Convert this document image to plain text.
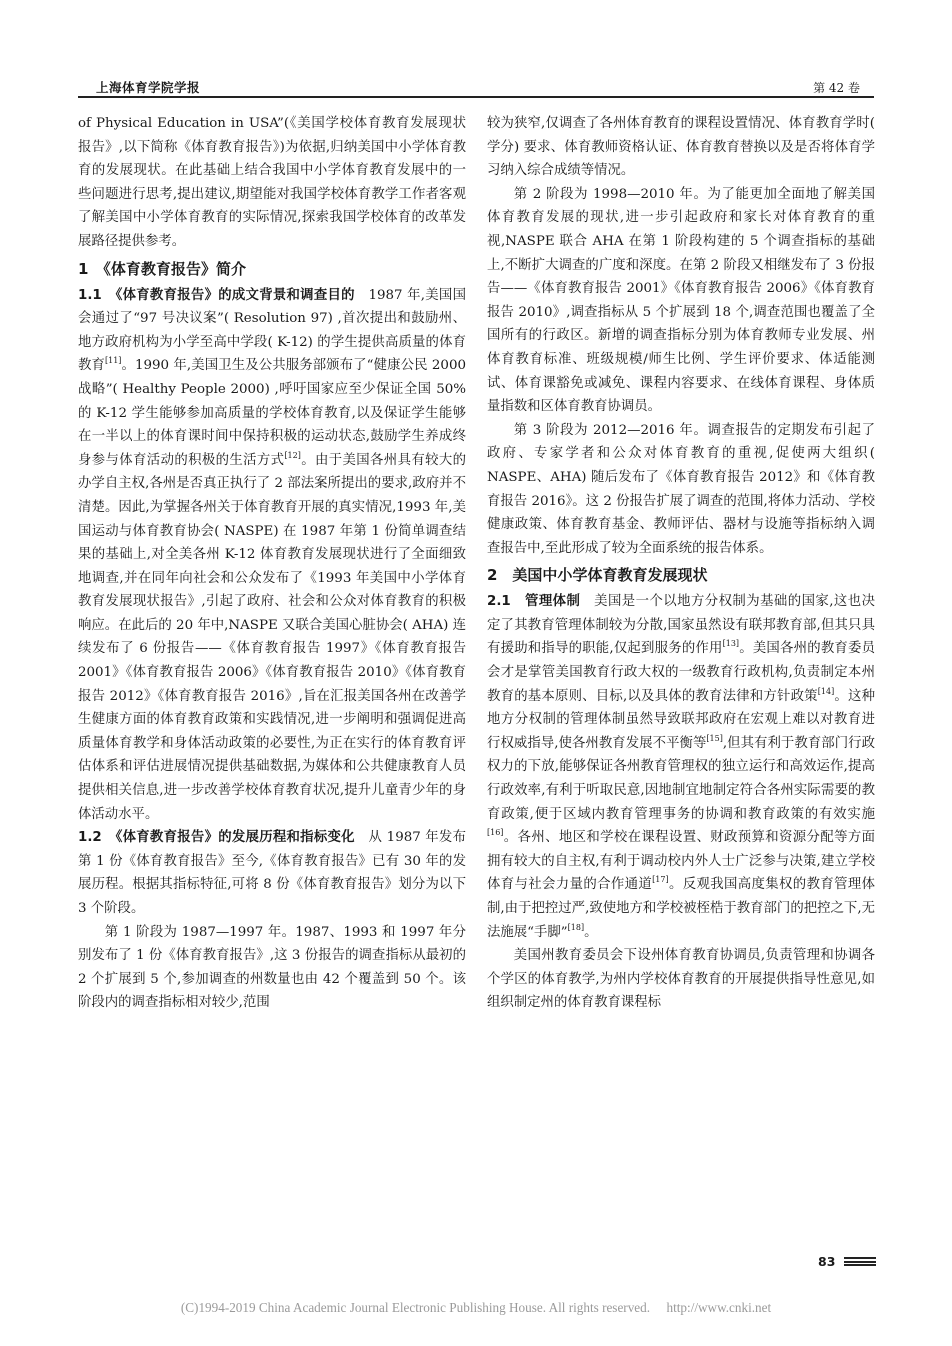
上海体育学院学报	第 42 卷

of Physical Education in USA”(《美国学校体育教育发展现状报告》,以下简称《体育教育报告》)为依据,归纳美国中小学体育教育的发展现状。在此基础上结合我国中小学体育教育发展中的一些问题进行思考,提出建议,期望能对我国学校体育教学工作者客观了解美国中小学体育教育的实际情况,探索我国学校体育的改革发展路径提供参考。

1　《体育教育报告》简介

1.1　《体育教育报告》的成文背景和调查目的　1987 年,美国国会通过了“97 号决议案”( Resolution 97) ,首次提出和鼓励州、地方政府机构为小学至高中学段( K-12) 的学生提供高质量的体育教育[11]。1990 年,美国卫生及公共服务部颁布了“健康公民 2000 战略”( Healthy People 2000) ,呼吁国家应至少保证全国 50% 的 K-12 学生能够参加高质量的学校体育教育,以及保证学生能够在一半以上的体育课时间中保持积极的运动状态,鼓励学生养成终身参与体育活动的积极的生活方式[12]。由于美国各州具有较大的办学自主权,各州是否真正执行了 2 部法案所提出的要求,政府并不清楚。因此,为掌握各州关于体育教育开展的真实情况,1993 年,美国运动与体育教育协会( NASPE) 在 1987 年第 1 份简单调查结果的基础上,对全美各州 K-12 体育教育发展现状进行了全面细致地调查,并在同年向社会和公众发布了《1993 年美国中小学体育教育发展现状报告》,引起了政府、社会和公众对体育教育的积极响应。在此后的 20 年中,NASPE 又联合美国心脏协会( AHA) 连续发布了 6 份报告——《体育教育报告 1997》《体育教育报告 2001》《体育教育报告 2006》《体育教育报告 2010》《体育教育报告 2012》《体育教育报告 2016》,旨在汇报美国各州在改善学生健康方面的体育教育政策和实践情况,进一步阐明和强调促进高质量体育教学和身体活动政策的必要性,为正在实行的体育教育评估体系和评估进展情况提供基础数据,为媒体和公共健康教育人员提供相关信息,进一步改善学校体育教育状况,提升儿童青少年的身体活动水平。

1.2　《体育教育报告》的发展历程和指标变化　从 1987 年发布第 1 份《体育教育报告》至今,《体育教育报告》已有 30 年的发展历程。根据其指标特征,可将 8 份《体育教育报告》划分为以下 3 个阶段。

第 1 阶段为 1987—1997 年。1987、1993 和 1997 年分别发布了 1 份《体育教育报告》,这 3 份报告的调查指标从最初的 2 个扩展到 5 个,参加调查的州数量也由 42 个覆盖到 50 个。该阶段内的调查指标相对较少,范围

较为狭窄,仅调查了各州体育教育的课程设置情况、体育教育学时( 学分) 要求、体育教师资格认证、体育教育替换以及是否将体育学习纳入综合成绩等情况。

第 2 阶段为 1998—2010 年。为了能更加全面地了解美国体育教育发展的现状,进一步引起政府和家长对体育教育的重视,NASPE 联合 AHA 在第 1 阶段构建的 5 个调查指标的基础上,不断扩大调查的广度和深度。在第 2 阶段又相继发布了 3 份报告——《体育教育报告 2001》《体育教育报告 2006》《体育教育报告 2010》,调查指标从 5 个扩展到 18 个,调查范围也覆盖了全国所有的行政区。新增的调查指标分别为体育教师专业发展、州体育教育标准、班级规模/师生比例、学生评价要求、体适能测试、体育课豁免或减免、课程内容要求、在线体育课程、身体质量指数和区体育教育协调员。

第 3 阶段为 2012—2016 年。调查报告的定期发布引起了政府、专家学者和公众对体育教育的重视,促使两大组织( NASPE、AHA) 随后发布了《体育教育报告 2012》和《体育教育报告 2016》。这 2 份报告扩展了调查的范围,将体力活动、学校健康政策、体育教育基金、教师评估、器材与设施等指标纳入调查报告中,至此形成了较为全面系统的报告体系。

2　美国中小学体育教育发展现状

2.1　管理体制　美国是一个以地方分权制为基础的国家,这也决定了其教育管理体制较为分散,国家虽然设有联邦教育部,但其只具有援助和指导的职能,仅起到服务的作用[13]。美国各州的教育委员会才是掌管美国教育行政大权的一级教育行政机构,负责制定本州教育的基本原则、目标,以及具体的教育法律和方针政策[14]。这种地方分权制的管理体制虽然导致联邦政府在宏观上难以对教育进行权威指导,使各州教育发展不平衡等[15],但其有利于教育部门行政权力的下放,能够保证各州教育管理权的独立运行和高效运作,提高行政效率,有利于听取民意,因地制宜地制定符合各州实际需要的教育政策,便于区域内教育管理事务的协调和教育政策的有效实施[16]。各州、地区和学校在课程设置、财政预算和资源分配等方面拥有较大的自主权,有利于调动校内外人士广泛参与决策,建立学校体育与社会力量的合作通道[17]。反观我国高度集权的教育管理体制,由于把控过严,致使地方和学校被桎梏于教育部门的把控之下,无法施展“手脚”[18]。

美国州教育委员会下设州体育教育协调员,负责管理和协调各个学区的体育教学,为州内学校体育教育的开展提供指导性意见,如组织制定州的体育教育课程标

83
(C)1994-2019 China Academic Journal Electronic Publishing House. All rights reserved.　 http://www.cnki.net
